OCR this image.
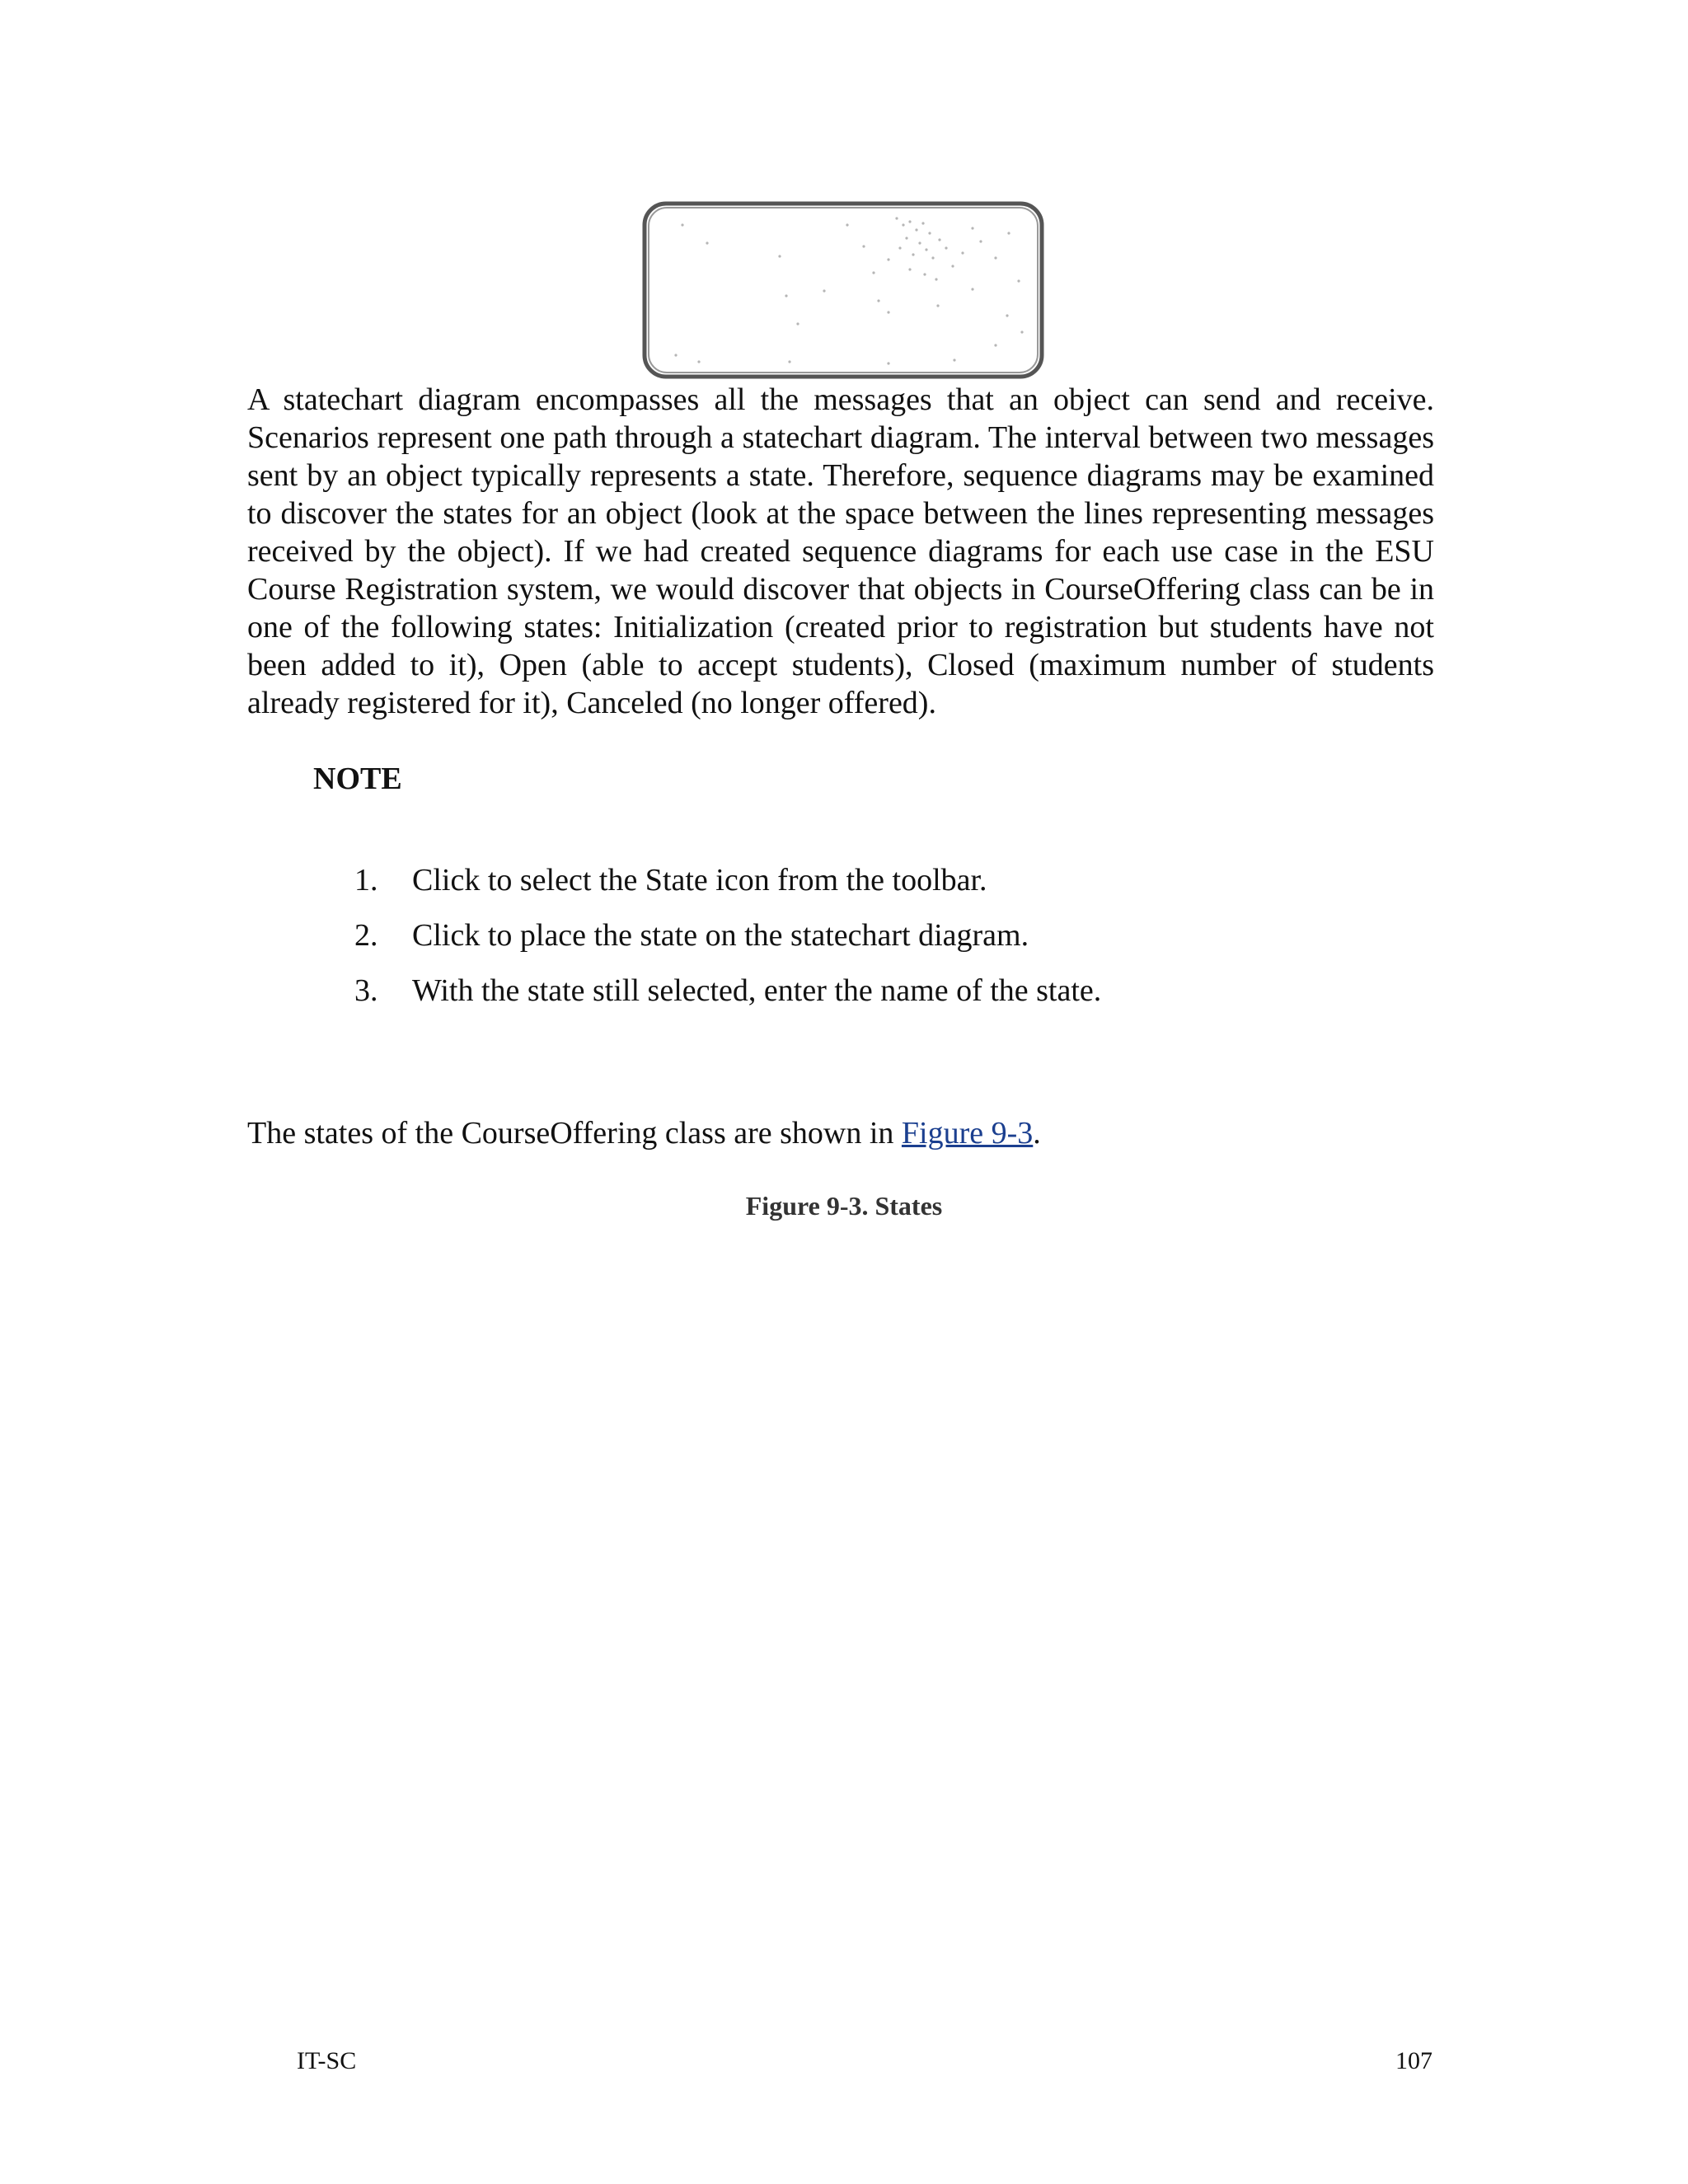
A statechart diagram encompasses all the messages that an object can send and receive. Scenarios represent one path through a statechart diagram. The interval between two messages sent by an object typically represents a state. Therefore, sequence diagrams may be examined to discover the states for an object (look at the space between the lines representing messages received by the object). If we had created sequence diagrams for each use case in the ESU Course Registration system, we would discover that objects in CourseOffering class can be in one of the following states: Initialization (created prior to registration but students have not been added to it), Open (able to accept students), Closed (maximum number of students already registered for it), Canceled (no longer offered).

NOTE

1. Click to select the State icon from the toolbar.
2. Click to place the state on the statechart diagram.
3. With the state still selected, enter the name of the state.

The states of the CourseOffering class are shown in Figure 9-3.

Figure 9-3. States

IT-SC	107
